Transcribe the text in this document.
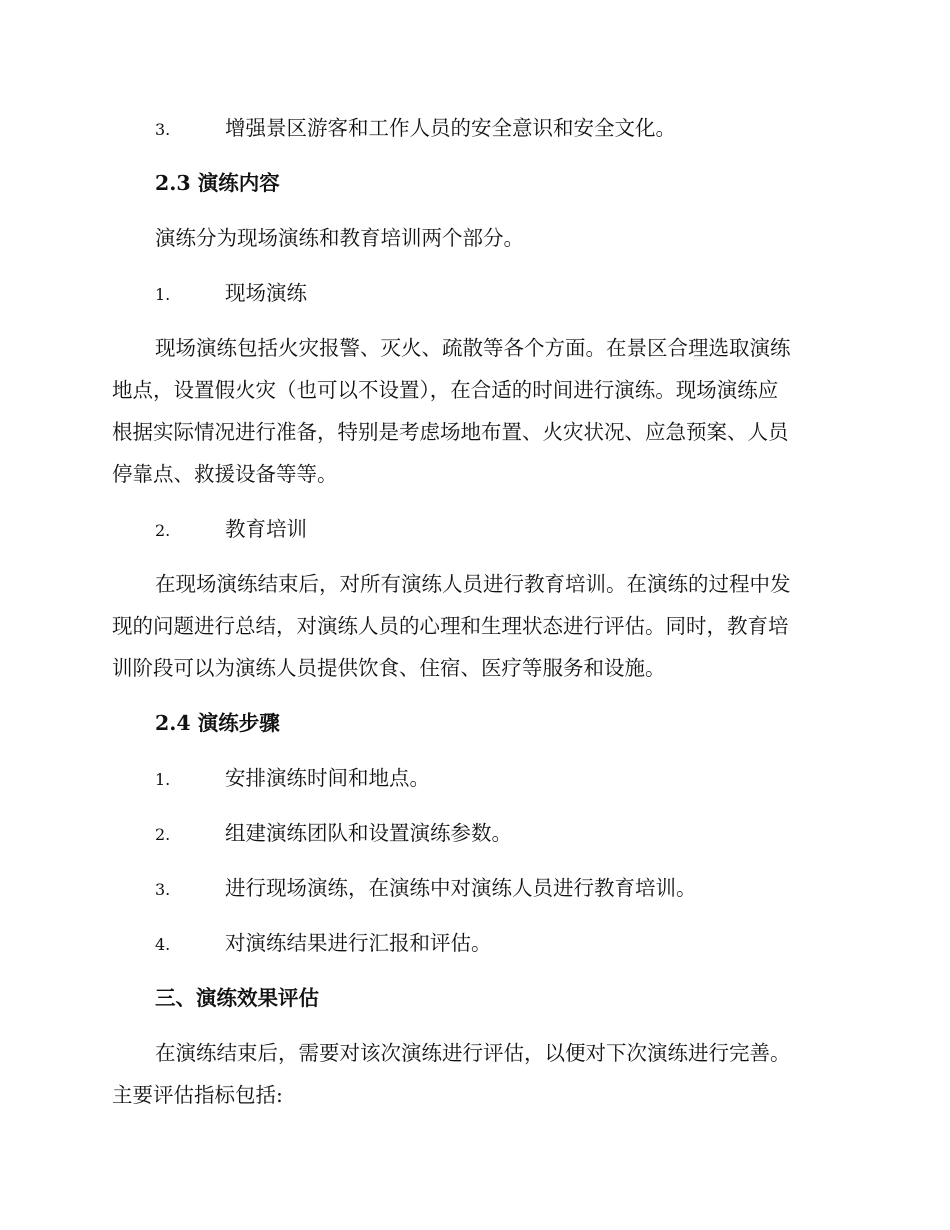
3.	增强景区游客和工作人员的安全意识和安全文化。
2.3 演练内容
演练分为现场演练和教育培训两个部分。
1.	现场演练
现场演练包括火灾报警、灭火、疏散等各个方面。在景区合理选取演练
地点，设置假火灾（也可以不设置），在合适的时间进行演练。现场演练应
根据实际情况进行准备，特别是考虑场地布置、火灾状况、应急预案、人员
停靠点、救援设备等等。
2.	教育培训
在现场演练结束后，对所有演练人员进行教育培训。在演练的过程中发
现的问题进行总结，对演练人员的心理和生理状态进行评估。同时，教育培
训阶段可以为演练人员提供饮食、住宿、医疗等服务和设施。
2.4 演练步骤
1.	安排演练时间和地点。
2.	组建演练团队和设置演练参数。
3.	进行现场演练，在演练中对演练人员进行教育培训。
4.	对演练结果进行汇报和评估。
三、演练效果评估
在演练结束后，需要对该次演练进行评估，以便对下次演练进行完善。
主要评估指标包括:
